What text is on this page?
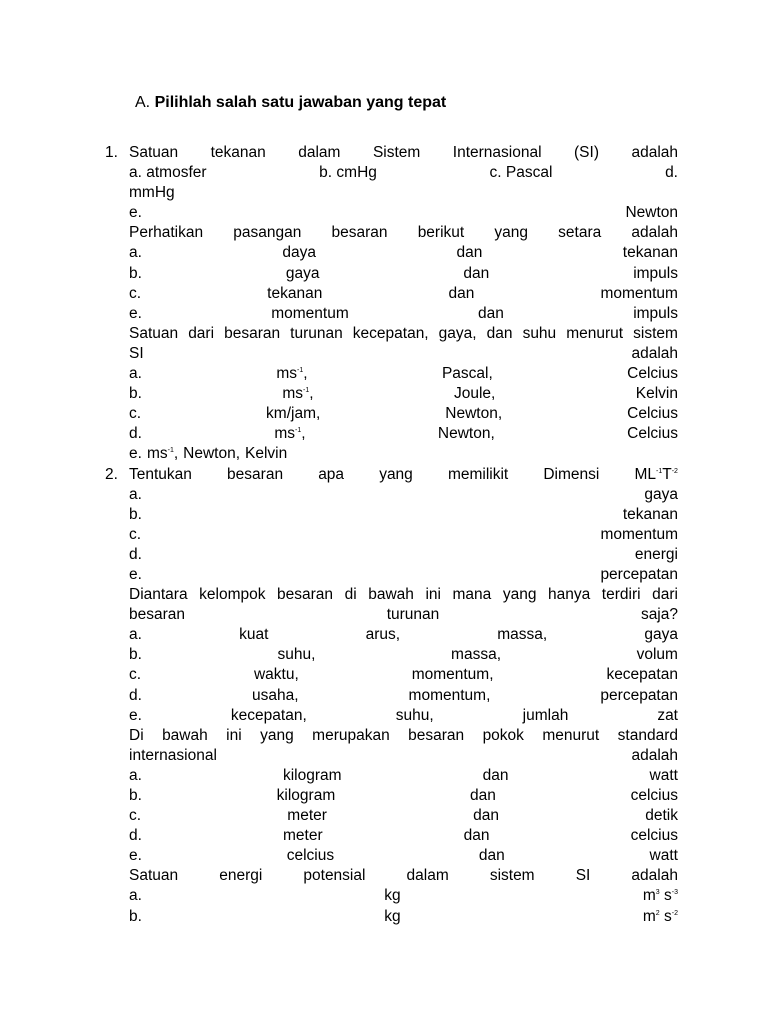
A. Pilihlah salah satu jawaban yang tepat
1. Satuan tekanan dalam Sistem Internasional (SI) adalah
a. atmosfer	b. cmHg	c. Pascal	d.
mmHg
e.	Newton
Perhatikan pasangan besaran berikut yang setara adalah
a.	daya	dan	tekanan
b.	gaya	dan	impuls
c.	tekanan	dan	momentum
e.	momentum	dan	impuls
Satuan dari besaran turunan kecepatan, gaya, dan suhu menurut sistem
SI	adalah
a.	$ms^{-1}$,	Pascal,	Celcius
b.	$ms^{-1}$,	Joule,	Kelvin
c.	km/jam,	Newton,	Celcius
d.	$ms^{-1}$,	Newton,	Celcius
e. $ms^{-1}$, Newton, Kelvin
2. Tentukan besaran apa yang memilikit Dimensi $ML^{-1}T^{-2}$
a.	gaya
b.	tekanan
c.	momentum
d.	energi
e.	percepatan
Diantara kelompok besaran di bawah ini mana yang hanya terdiri dari
besaran	turunan	saja?
a.	kuat	arus,	massa,	gaya
b.	suhu,	massa,	volum
c.	waktu,	momentum,	kecepatan
d.	usaha,	momentum,	percepatan
e.	kecepatan,	suhu,	jumlah	zat
Di bawah ini yang merupakan besaran pokok menurut standard
internasional	adalah
a.	kilogram	dan	watt
b.	kilogram	dan	celcius
c.	meter	dan	detik
d.	meter	dan	celcius
e.	celcius	dan	watt
Satuan	energi	potensial	dalam	sistem	SI	adalah
a.	kg	$m^3$ $s^{-3}$
b.	kg	$m^2$ $s^{-2}$
